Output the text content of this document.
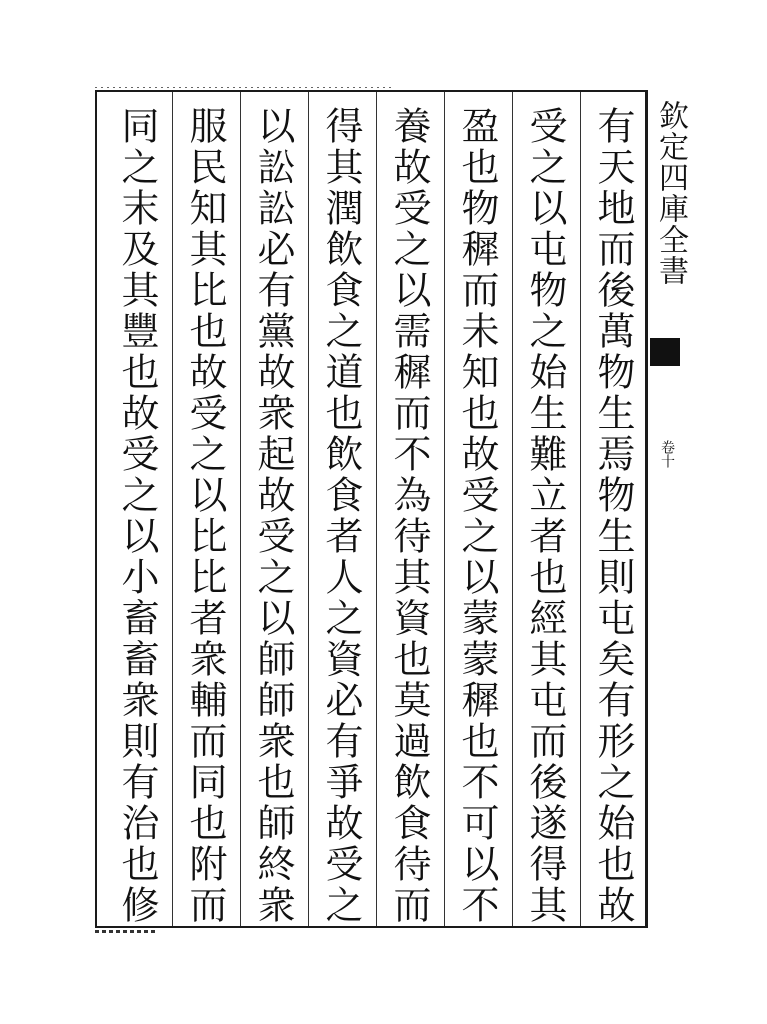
有天地而後萬物生焉物生則屯矣有形之始也故
受之以屯物之始生難立者也經其屯而後遂得其
盈也物穉而未知也故受之以蒙蒙穉也不可以不
養故受之以需穉而不為待其資也莫過飲食待而
得其潤飲食之道也飲食者人之資必有爭故受之
以訟訟必有黨故衆起故受之以師師衆也師終衆
服民知其比也故受之以比比者衆輔而同也附而
同之末及其豐也故受之以小畜畜衆則有治也修	欽定四庫全書
卷十
